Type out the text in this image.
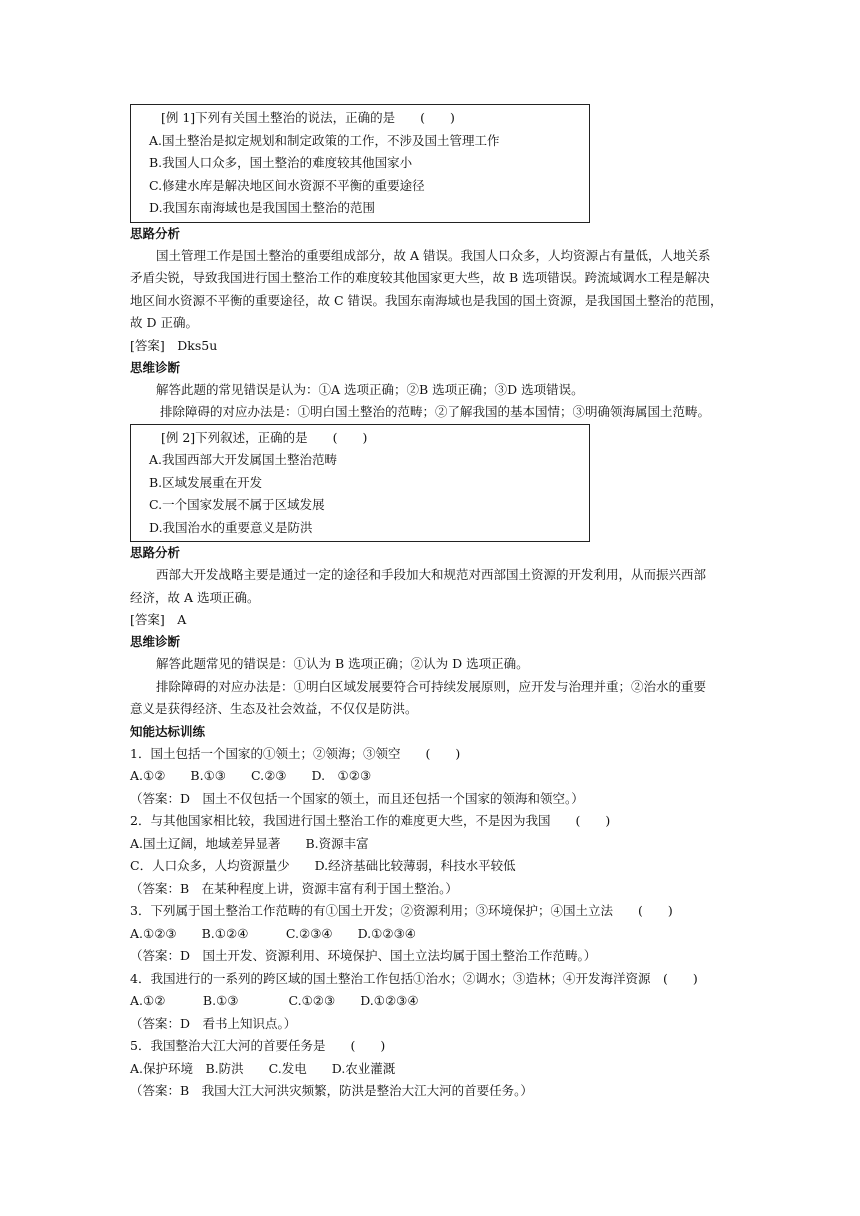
[例 1]下列有关国土整治的说法，正确的是　　(　　)
A.国土整治是拟定规划和制定政策的工作，不涉及国土管理工作
B.我国人口众多，国土整治的难度较其他国家小
C.修建水库是解决地区间水资源不平衡的重要途径
D.我国东南海域也是我国国土整治的范围
思路分析
国土管理工作是国土整治的重要组成部分，故 A 错误。我国人口众多，人均资源占有量低，人地关系
矛盾尖锐，导致我国进行国土整治工作的难度较其他国家更大些，故 B 选项错误。跨流域调水工程是解决
地区间水资源不平衡的重要途径，故 C 错误。我国东南海域也是我国的国土资源，是我国国土整治的范围，
故 D 正确。
[答案]　Dks5u
思维诊断
解答此题的常见错误是认为：①A 选项正确；②B 选项正确；③D 选项错误。
排除障碍的对应办法是：①明白国土整治的范畴；②了解我国的基本国情；③明确领海属国土范畴。
[例 2]下列叙述，正确的是　　(　　)
A.我国西部大开发属国土整治范畴
B.区域发展重在开发
C.一个国家发展不属于区域发展
D.我国治水的重要意义是防洪
思路分析
西部大开发战略主要是通过一定的途径和手段加大和规范对西部国土资源的开发利用，从而振兴西部
经济，故 A 选项正确。
[答案]　A
思维诊断
解答此题常见的错误是：①认为 B 选项正确；②认为 D 选项正确。
排除障碍的对应办法是：①明白区域发展要符合可持续发展原则，应开发与治理并重；②治水的重要
意义是获得经济、生态及社会效益，不仅仅是防洪。
知能达标训练
1．国土包括一个国家的①领土；②领海；③领空　　(　　)
A.①②　　B.①③　　C.②③　　D.　①②③
（答案：D　国土不仅包括一个国家的领土，而且还包括一个国家的领海和领空。）
2．与其他国家相比较，我国进行国土整治工作的难度更大些，不是因为我国　　(　　)
A.国土辽阔，地域差异显著　　B.资源丰富
C．人口众多，人均资源量少　　D.经济基础比较薄弱，科技水平较低
（答案：B　在某种程度上讲，资源丰富有利于国土整治。）
3．下列属于国土整治工作范畴的有①国土开发；②资源利用；③环境保护；④国土立法　　(　　)
A.①②③　　B.①②④　　　C.②③④　　D.①②③④
（答案：D　国土开发、资源利用、环境保护、国土立法均属于国土整治工作范畴。）
4．我国进行的一系列的跨区域的国土整治工作包括①治水；②调水；③造林；④开发海洋资源　(　　)
A.①②　　　B.①③　　　　C.①②③　　D.①②③④
（答案：D　看书上知识点。）
5．我国整治大江大河的首要任务是　　(　　)
A.保护环境　B.防洪　　C.发电　　D.农业灌溉
（答案：B　我国大江大河洪灾频繁，防洪是整治大江大河的首要任务。）
